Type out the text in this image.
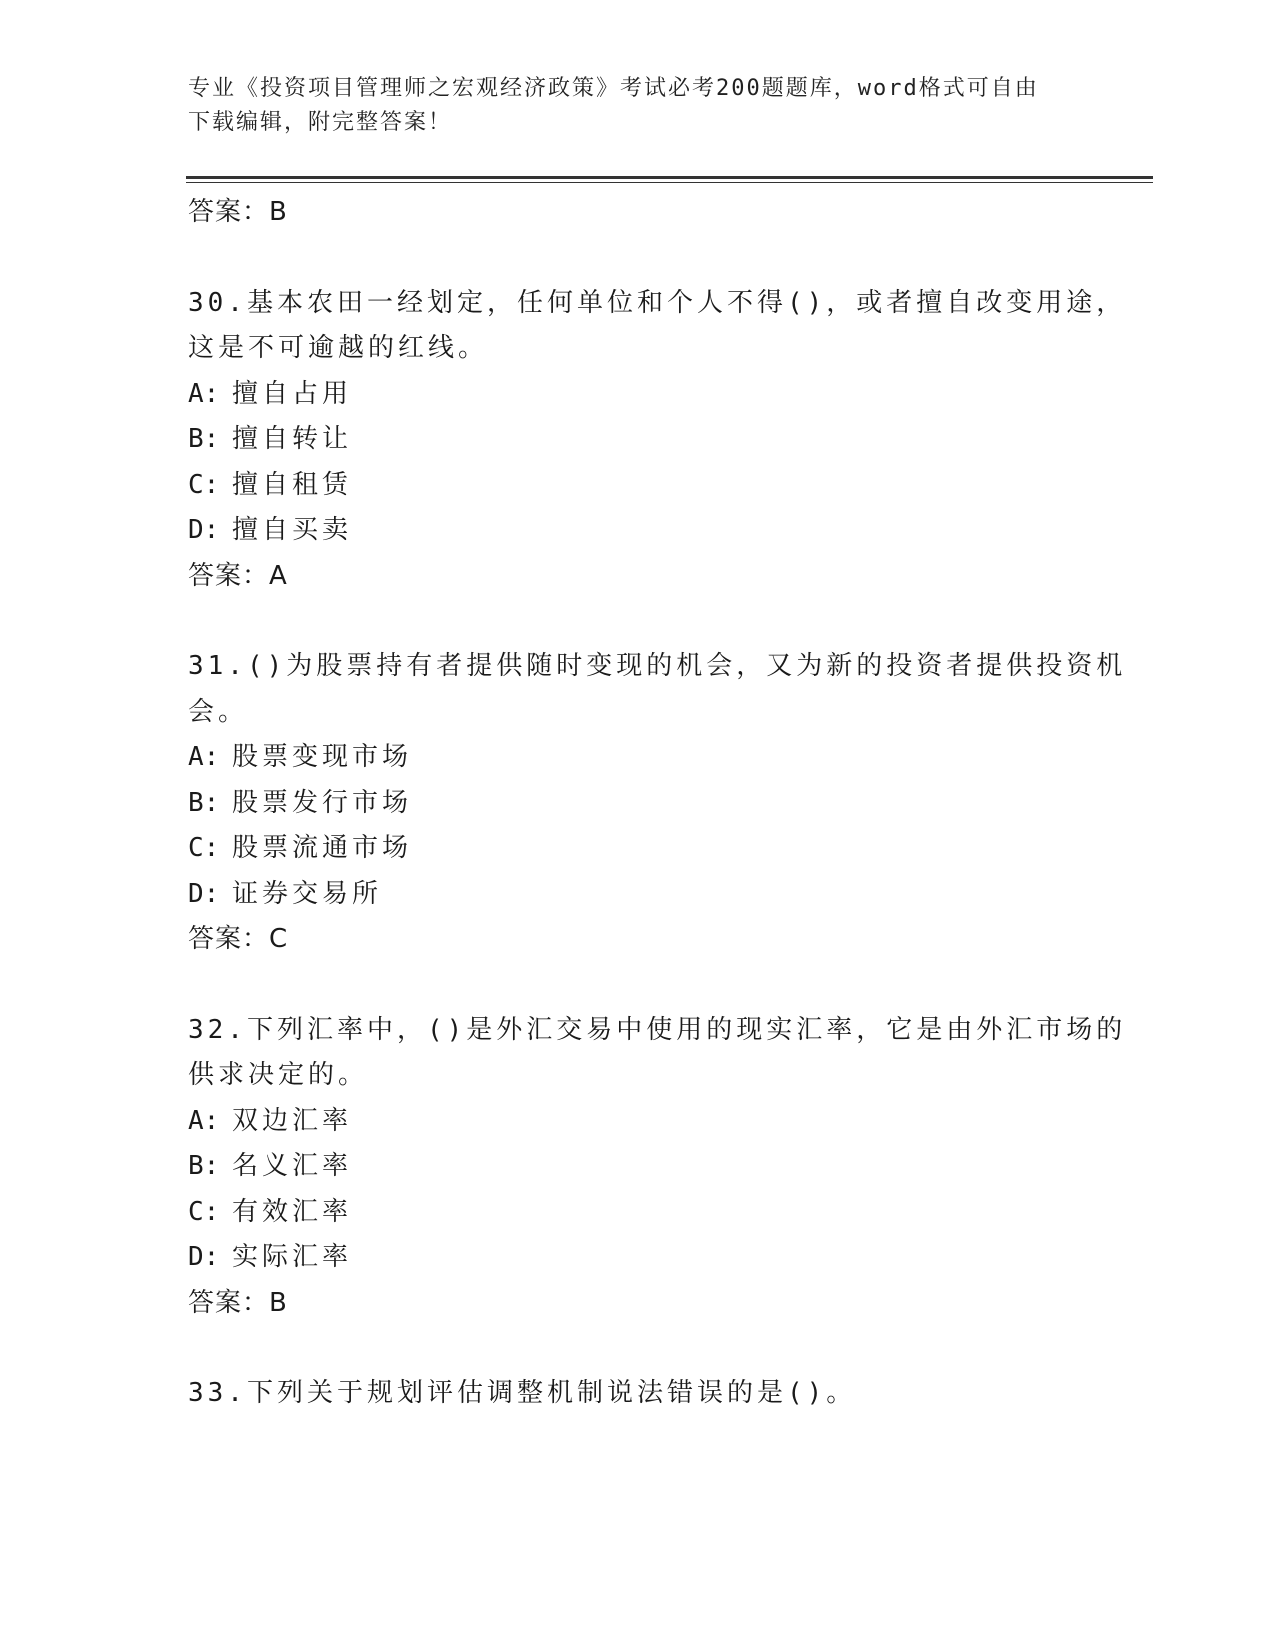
专业《投资项目管理师之宏观经济政策》考试必考200题题库，word格式可自由
下载编辑，附完整答案！
答案：B
30.基本农田一经划定，任何单位和个人不得()，或者擅自改变用途，
这是不可逾越的红线。
A: 擅自占用
B: 擅自转让
C: 擅自租赁
D: 擅自买卖
答案：A
31.()为股票持有者提供随时变现的机会，又为新的投资者提供投资机
会。
A: 股票变现市场
B: 股票发行市场
C: 股票流通市场
D: 证券交易所
答案：C
32.下列汇率中，()是外汇交易中使用的现实汇率，它是由外汇市场的
供求决定的。
A: 双边汇率
B: 名义汇率
C: 有效汇率
D: 实际汇率
答案：B
33.下列关于规划评估调整机制说法错误的是()。
